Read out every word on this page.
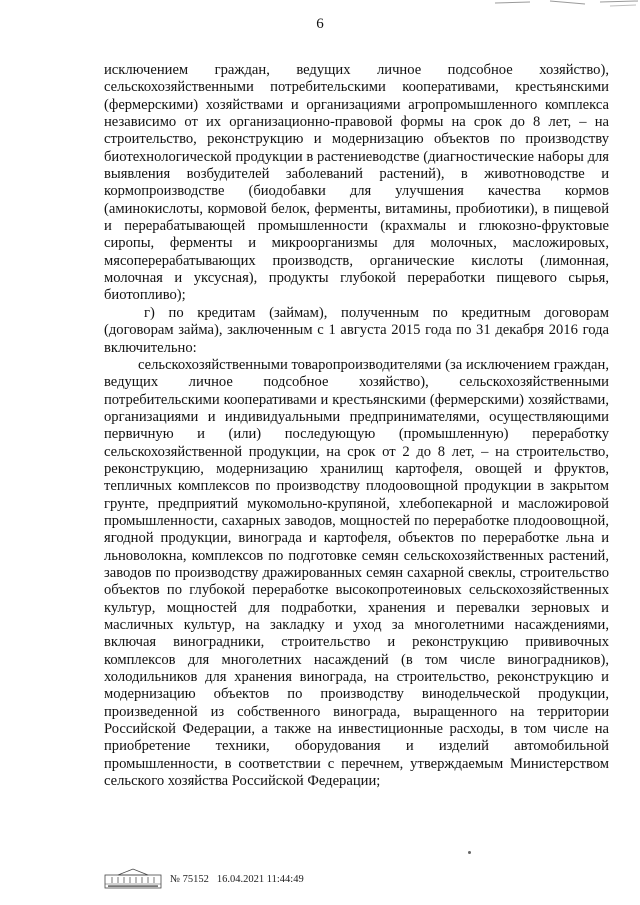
6

исключением граждан, ведущих личное подсобное хозяйство), сельскохозяйственными потребительскими кооперативами, крестьянскими (фермерскими) хозяйствами и организациями агропромышленного комплекса независимо от их организационно-правовой формы на срок до 8 лет, – на строительство, реконструкцию и модернизацию объектов по производству биотехнологической продукции в растениеводстве (диагностические наборы для выявления возбудителей заболеваний растений), в животноводстве и кормопроизводстве (биодобавки для улучшения качества кормов (аминокислоты, кормовой белок, ферменты, витамины, пробиотики), в пищевой и перерабатывающей промышленности (крахмалы и глюкозно-фруктовые сиропы, ферменты и микроорганизмы для молочных, масложировых, мясоперерабатывающих производств, органические кислоты (лимонная, молочная и уксусная), продукты глубокой переработки пищевого сырья, биотопливо);

г) по кредитам (займам), полученным по кредитным договорам (договорам займа), заключенным с 1 августа 2015 года по 31 декабря 2016 года включительно:

сельскохозяйственными товаропроизводителями (за исключением граждан, ведущих личное подсобное хозяйство), сельскохозяйственными потребительскими кооперативами и крестьянскими (фермерскими) хозяйствами, организациями и индивидуальными предпринимателями, осуществляющими первичную и (или) последующую (промышленную) переработку сельскохозяйственной продукции, на срок от 2 до 8 лет, – на строительство, реконструкцию, модернизацию хранилищ картофеля, овощей и фруктов, тепличных комплексов по производству плодоовощной продукции в закрытом грунте, предприятий мукомольно-крупяной, хлебопекарной и масложировой промышленности, сахарных заводов, мощностей по переработке плодоовощной, ягодной продукции, винограда и картофеля, объектов по переработке льна и льноволокна, комплексов по подготовке семян сельскохозяйственных растений, заводов по производству дражированных семян сахарной свеклы, строительство объектов по глубокой переработке высокопротеиновых сельскохозяйственных культур, мощностей для подработки, хранения и перевалки зерновых и масличных культур, на закладку и уход за многолетними насаждениями, включая виноградники, строительство и реконструкцию прививочных комплексов для многолетних насаждений (в том числе виноградников), холодильников для хранения винограда, на строительство, реконструкцию и модернизацию объектов по производству винодельческой продукции, произведенной из собственного винограда, выращенного на территории Российской Федерации, а также на инвестиционные расходы, в том числе на приобретение техники, оборудования и изделий автомобильной промышленности, в соответствии с перечнем, утверждаемым Министерством сельского хозяйства Российской Федерации;

№ 75152 16.04.2021 11:44:49
